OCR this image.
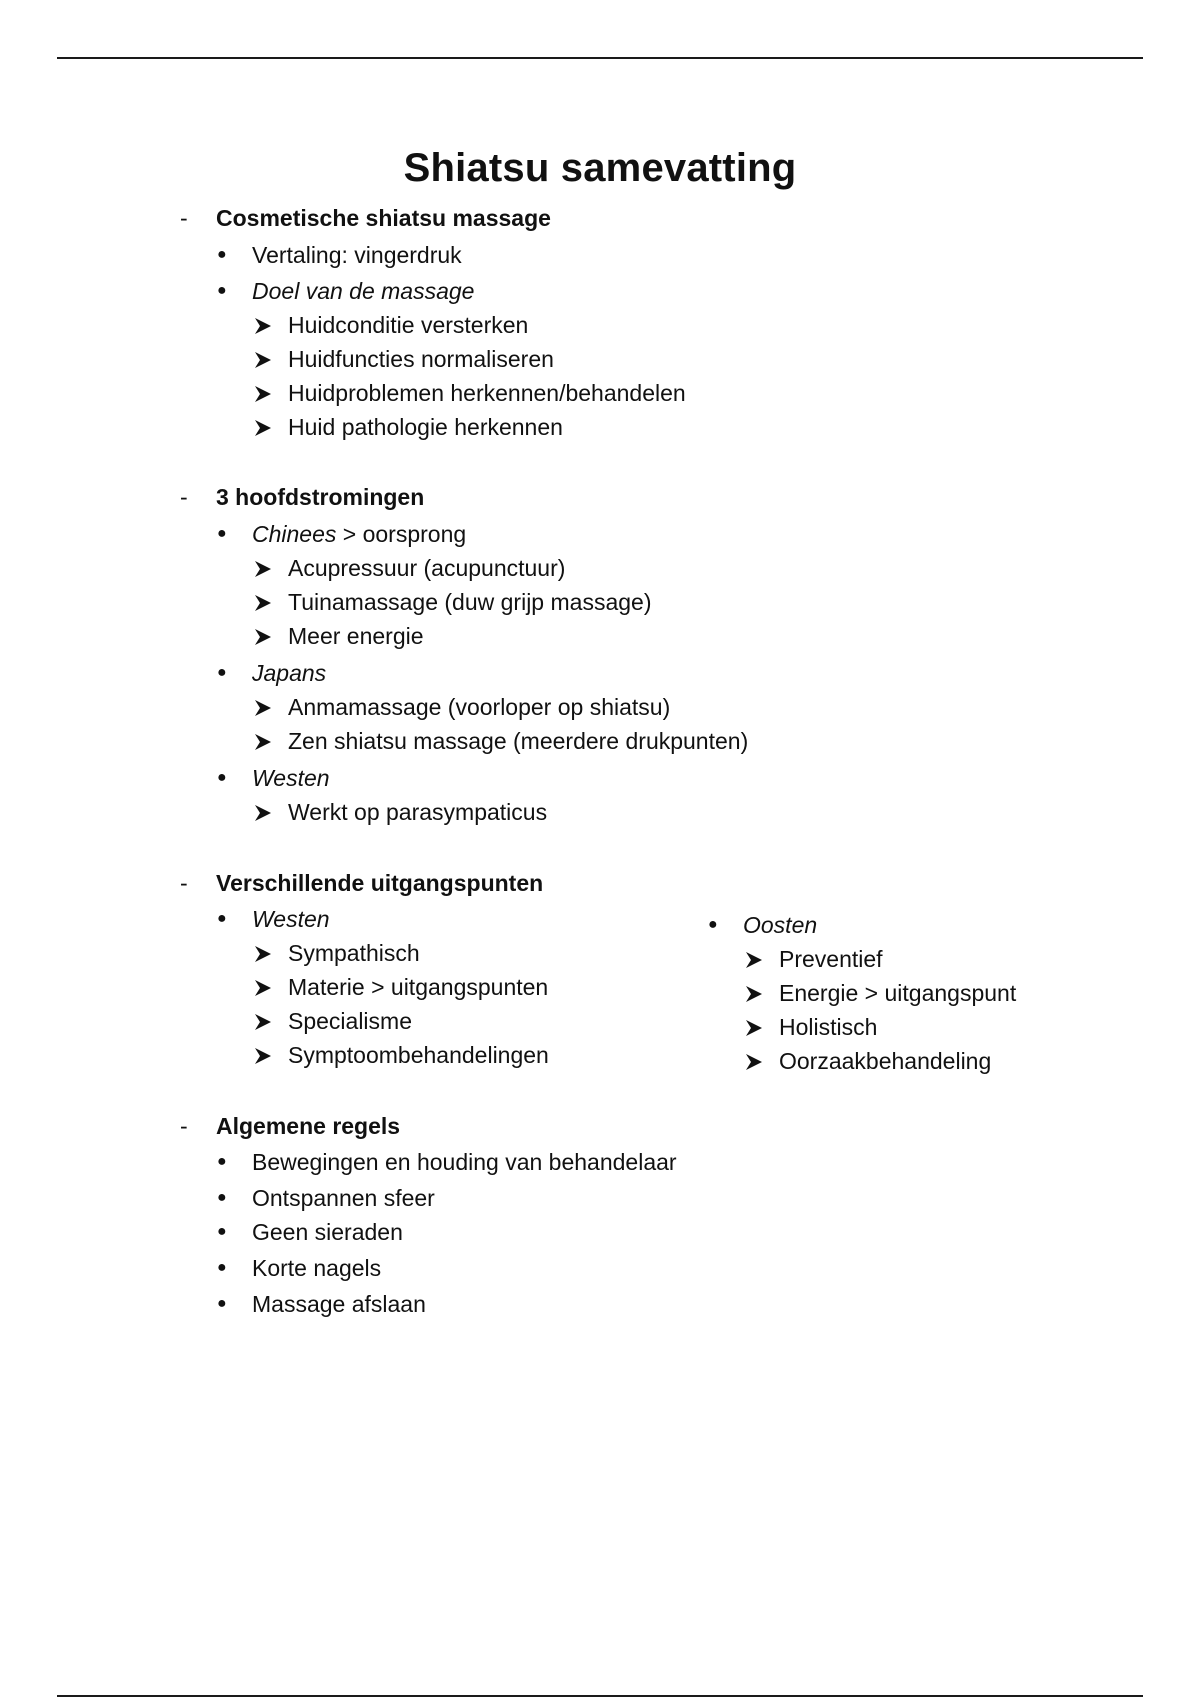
Shiatsu samevatting
- Cosmetische shiatsu massage
● Vertaling: vingerdruk
● Doel van de massage
Huidconditie versterken
Huidfuncties normaliseren
Huidproblemen herkennen/behandelen
Huid pathologie herkennen
- 3 hoofdstromingen
● Chinees > oorsprong
Acupressuur (acupunctuur)
Tuinamassage (duw grijp massage)
Meer energie
● Japans
Anmamassage (voorloper op shiatsu)
Zen shiatsu massage (meerdere drukpunten)
● Westen
Werkt op parasympaticus
- Verschillende uitgangspunten
● Westen
Sympathisch
Materie > uitgangspunten
Specialisme
Symptoombehandelingen
● Oosten
Preventief
Energie > uitgangspunt
Holistisch
Oorzaakbehandeling
- Algemene regels
● Bewegingen en houding van behandelaar
● Ontspannen sfeer
● Geen sieraden
● Korte nagels
● Massage afslaan
